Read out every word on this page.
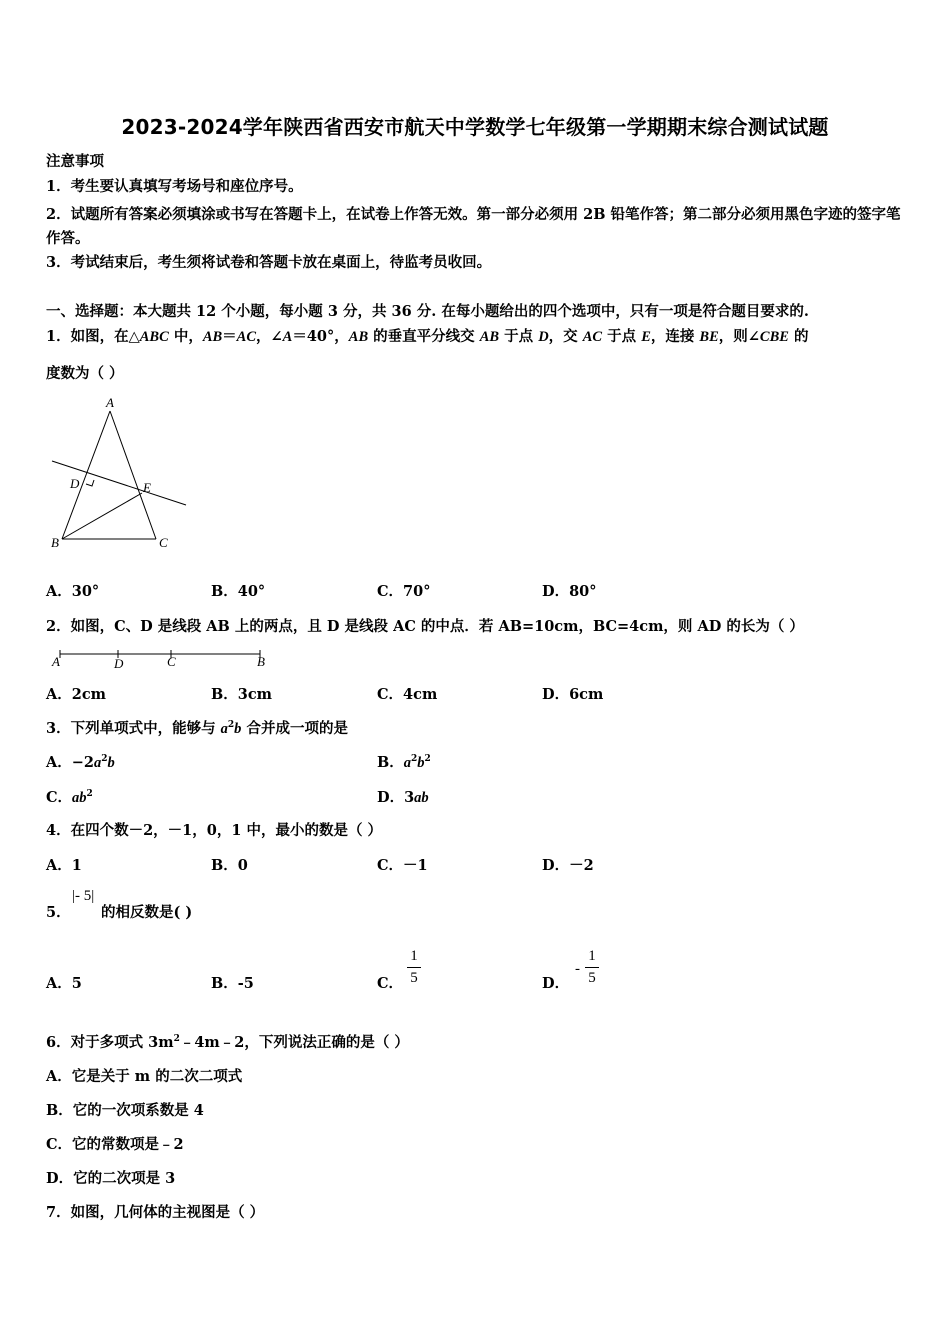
2023-2024学年陕西省西安市航天中学数学七年级第一学期期末综合测试试题
注意事项
1．考生要认真填写考场号和座位序号。
2．试题所有答案必须填涂或书写在答题卡上，在试卷上作答无效。第一部分必须用 2B 铅笔作答；第二部分必须用黑色字迹的签字笔作答。
3．考试结束后，考生须将试卷和答题卡放在桌面上，待监考员收回。
一、选择题：本大题共 12 个小题，每小题 3 分，共 36 分. 在每小题给出的四个选项中，只有一项是符合题目要求的.
1．如图，在△ABC 中，AB＝AC，∠A＝40°，AB 的垂直平分线交 AB 于点 D，交 AC 于点 E，连接 BE，则∠CBE 的
度数为（ ）
A
B	C
D	E
A．30°	B．40°	C．70°	D．80°
2．如图，C、D 是线段 AB 上的两点，且 D 是线段 AC 的中点．若 AB=10cm，BC=4cm，则 AD 的长为（ ）
A	D	C	B
A．2cm	B．3cm	C．4cm	D．6cm
3．下列单项式中，能够与 $a^2b$ 合并成一项的是
A．$-2a^2b$	B．$a^2b^2$
C．$ab^2$	D．3ab
4．在四个数－2，－1，0，1 中，最小的数是（ ）
A．1	B．0	C．－1	D．－2
5．
|- 5|
的相反数是( )
A．5	B．-5	C．
1
5	D．
-
1
5
6．对于多项式 $3m^2﹣4m﹣2$，下列说法正确的是（ ）
A．它是关于 m 的二次二项式
B．它的一次项系数是 4
C．它的常数项是﹣2
D．它的二次项是 3
7．如图，几何体的主视图是（ ）
